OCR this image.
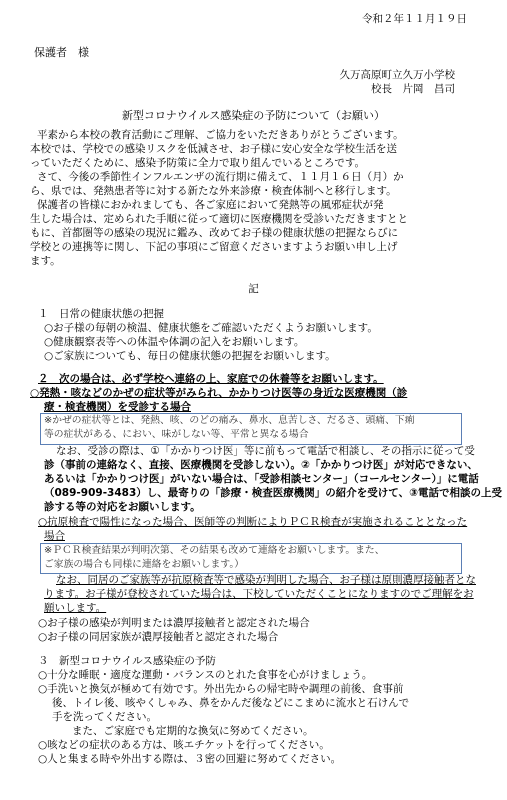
令和２年１１月１９日
保護者　様
久万高原町立久万小学校
校長　片岡　昌司
新型コロナウイルス感染症の予防について（お願い）
平素から本校の教育活動にご理解、ご協力をいただきありがとうございます。
本校では、学校での感染リスクを低減させ、お子様に安心安全な学校生活を送
っていただくために、感染予防策に全力で取り組んでいるところです。
さて、今後の季節性インフルエンザの流行期に備えて、１１月１６日（月）か
ら、県では、発熱患者等に対する新たな外来診療・検査体制へと移行します。
保護者の皆様におかれましても、各ご家庭において発熱等の風邪症状が発
生した場合は、定められた手順に従って適切に医療機関を受診いただきますとと
もに、首都圏等の感染の現況に鑑み、改めてお子様の健康状態の把握ならびに
学校との連携等に関し、下記の事項にご留意くださいますようお願い申し上げ
ます。
記
１　日常の健康状態の把握
○お子様の毎朝の検温、健康状態をご確認いただくようお願いします。
○健康観察表等への体温や体調の記入をお願いします。
○ご家族についても、毎日の健康状態の把握をお願いします。
２　次の場合は、必ず学校へ連絡の上、家庭での休養等をお願いします。
○発熱・咳などのかぜの症状等がみられ、かかりつけ医等の身近な医療機関（診
療・検査機関）を受診する場合
※かぜの症状等とは、発熱、咳、のどの痛み、鼻水、息苦しさ、だるさ、頭痛、下痢
等の症状がある、におい、味がしない等、平常と異なる場合
なお、受診の際は、①「かかりつけ医」等に前もって電話で相談し、その指示に従って受
診（事前の連絡なく、直接、医療機関を受診しない）。②「かかりつけ医」が対応できない、
あるいは「かかりつけ医」がいない場合は、「受診相談センター」（コールセンター）」に電話
（089-909-3483）し、最寄りの「診療・検査医療機関」の紹介を受けて、③電話で相談の上受
診する等の対応をお願いします。
○抗原検査で陽性になった場合、医師等の判断によりＰＣＲ検査が実施されることとなった
場合
※ＰＣＲ検査結果が判明次第、その結果も改めて連絡をお願いします。また、
ご家族の場合も同様に連絡をお願いします。）
なお、同居のご家族等が抗原検査等で感染が判明した場合、お子様は原則濃厚接触者とな
ります。お子様が登校されていた場合は、下校していただくことになりますのでご理解をお
願いします。
○お子様の感染が判明または濃厚接触者と認定された場合
○お子様の同居家族が濃厚接触者と認定された場合
３　新型コロナウイルス感染症の予防
○十分な睡眠・適度な運動・バランスのとれた食事を心がけましょう。
○手洗いと換気が極めて有効です。外出先からの帰宅時や調理の前後、食事前
後、トイレ後、咳やくしゃみ、鼻をかんだ後などにこまめに流水と石けんで
手を洗ってください。
また、ご家庭でも定期的な換気に努めてください。
○咳などの症状のある方は、咳エチケットを行ってください。
○人と集まる時や外出する際は、３密の回避に努めてください。
